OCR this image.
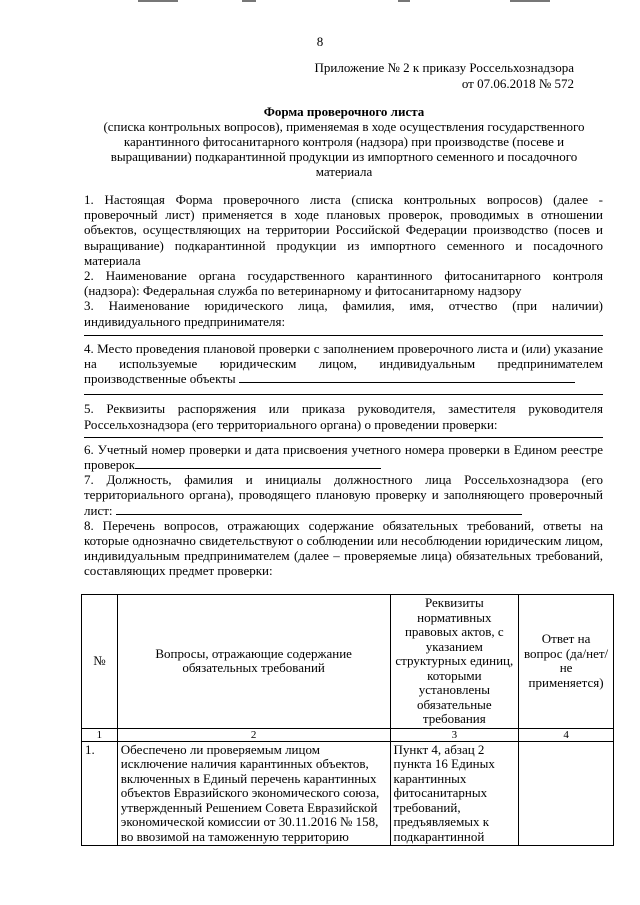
8
Приложение № 2 к приказу Россельхознадзора
от 07.06.2018 № 572
Форма проверочного листа
(списка контрольных вопросов), применяемая в ходе осуществления государственного карантинного фитосанитарного контроля (надзора) при производстве (посеве и выращивании) подкарантинной продукции из импортного семенного и посадочного материала

1. Настоящая Форма проверочного листа (списка контрольных вопросов) (далее - проверочный лист) применяется в ходе плановых проверок, проводимых в отношении объектов, осуществляющих на территории Российской Федерации производство (посев и выращивание) подкарантинной продукции из импортного семенного и посадочного материала

2. Наименование органа государственного карантинного фитосанитарного контроля (надзора): Федеральная служба по ветеринарному и фитосанитарному надзору

3. Наименование юридического лица, фамилия, имя, отчество (при наличии) индивидуального предпринимателя:

4. Место проведения плановой проверки с заполнением проверочного листа и (или) указание на используемые юридическим лицом, индивидуальным предпринимателем производственные объекты

5. Реквизиты распоряжения или приказа руководителя, заместителя руководителя Россельхознадзора (его территориального органа) о проведении проверки:

6. Учетный номер проверки и дата присвоения учетного номера проверки в Едином реестре проверок

7. Должность, фамилия и инициалы должностного лица Россельхознадзора (его территориального органа), проводящего плановую проверку и заполняющего проверочный лист:

8. Перечень вопросов, отражающих содержание обязательных требований, ответы на которые однозначно свидетельствуют о соблюдении или несоблюдении юридическим лицом, индивидуальным предпринимателем (далее – проверяемые лица) обязательных требований, составляющих предмет проверки:

№	Вопросы, отражающие содержание обязательных требований	Реквизиты нормативных правовых актов, с указанием структурных единиц, которыми установлены обязательные требования	Ответ на вопрос (да/нет/не применяется)
1	2	3	4
1.	Обеспечено ли проверяемым лицом исключение наличия карантинных объектов, включенных в Единый перечень карантинных объектов Евразийского экономического союза, утвержденный Решением Совета Евразийской экономической комиссии от 30.11.2016 № 158, во ввозимой на таможенную территорию	Пункт 4, абзац 2 пункта 16 Единых карантинных фитосанитарных требований, предъявляемых к подкарантинной	
